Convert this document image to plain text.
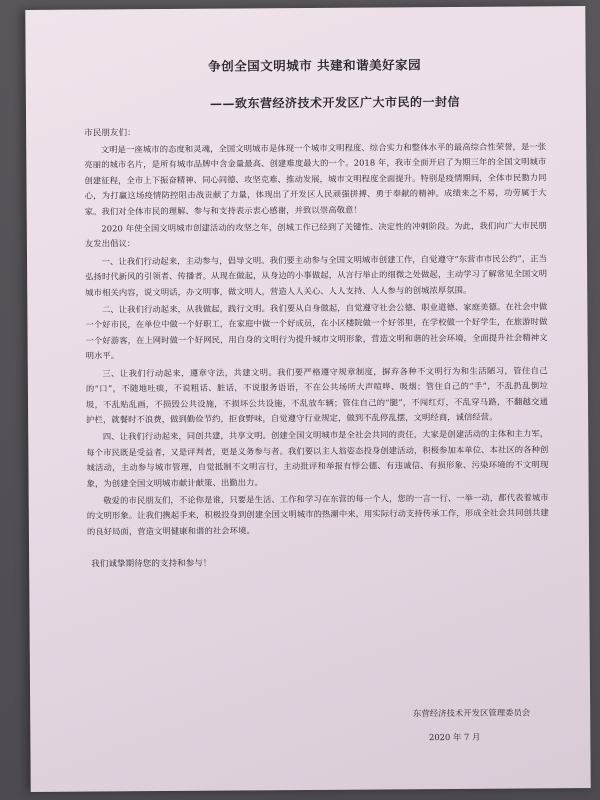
争创全国文明城市 共建和谐美好家园
——致东营经济技术开发区广大市民的一封信
市民朋友们：

文明是一座城市的态度和灵魂，全国文明城市是体现一个城市文明程度、综合实力和整体水平的最高综合性荣誉，是一张亮丽的城市名片，是所有城市品牌中含金量最高、创建难度最大的一个。2018 年，我市全面开启了为期三年的全国文明城市创建征程，全市上下振奋精神、同心同德、攻坚克难、推动发展，城市文明程度全面提升。特别是疫情期间，全体市民勠力同心，为打赢这场疫情防控阻击战贡献了力量，体现出了开发区人民顽强拼搏、勇于奉献的精神。成绩来之不易，功劳属于大家。我们对全体市民的理解、参与和支持表示衷心感谢，并致以崇高敬意！

2020 年使全国文明城市创建活动的攻坚之年，创城工作已经到了关键性、决定性的冲刺阶段。为此，我们向广大市民朋友发出倡议：

一、让我们行动起来，主动参与，倡导文明。我们要主动参与全国文明城市创建工作，自觉遵守“东营市市民公约”，正当弘扬时代新风的引领者、传播者。从现在做起，从身边的小事做起，从言行举止的细微之处做起，主动学习了解常见全国文明城市相关内容，说文明话，办文明事，做文明人，营造人人关心、人人支持、人人参与的创城浓厚氛围。

二、让我们行动起来，从我做起，践行文明。我们要从自身做起，自觉遵守社会公德、职业道德、家庭美德。在社会中做一个好市民，在单位中做一个好职工，在家庭中做一个好成员，在小区楼院做一个好邻里，在学校做一个好学生，在旅游时做一个好游客，在上网时做一个好网民，用自身的文明行为提升城市文明形象，营造文明和谐的社会环境，全面提升社会精神文明水平。

三、让我们行动起来，遵章守法，共建文明。我们要严格遵守规章制度，摒弃各种不文明行为和生活陋习，管住自己的“口”，不随地吐痰，不说粗话、脏话，不说服务语语，不在公共场所大声喧哗、吸烟；管住自己的“手”，不乱扔乱倒垃圾，不乱贴乱画，不损毁公共设施，不损坏公共设施，不乱放车辆；管住自己的“腿”，不闯红灯，不乱穿马路，不翻越交通护栏，就餐时不浪费，做到勤俭节约，拒食野味，自觉遵守行业规定，做到不乱停乱摆，文明经商，诚信经营。

四、让我们行动起来，同创共建，共享文明。创建全国文明城市是全社会共同的责任，大家是创建活动的主体和主力军，每个市民既是受益者，又是评判者，更是义务参与者。我们要以主人翁姿态投身创建活动，积极参加本单位、本社区的各种创城活动，主动参与城市管理，自觉抵制不文明言行，主动批评和举报有悖公德、有违诚信、有损形象、污染环境的不文明现象，为创建全国文明城市献计献策、出勤出力。

敬爱的市民朋友们，不论你是谁，只要是生活、工作和学习在东营的每一个人，您的一言一行、一举一动，都代表着城市的文明形象。让我们携起手来，积极投身到创建全国文明城市的热潮中来，用实际行动支持传承工作，形成全社会共同创共建的良好局面，营造文明健康和谐的社会环境。

我们诚挚期待您的支持和参与！
东营经济技术开发区管理委员会
2020 年 7 月
